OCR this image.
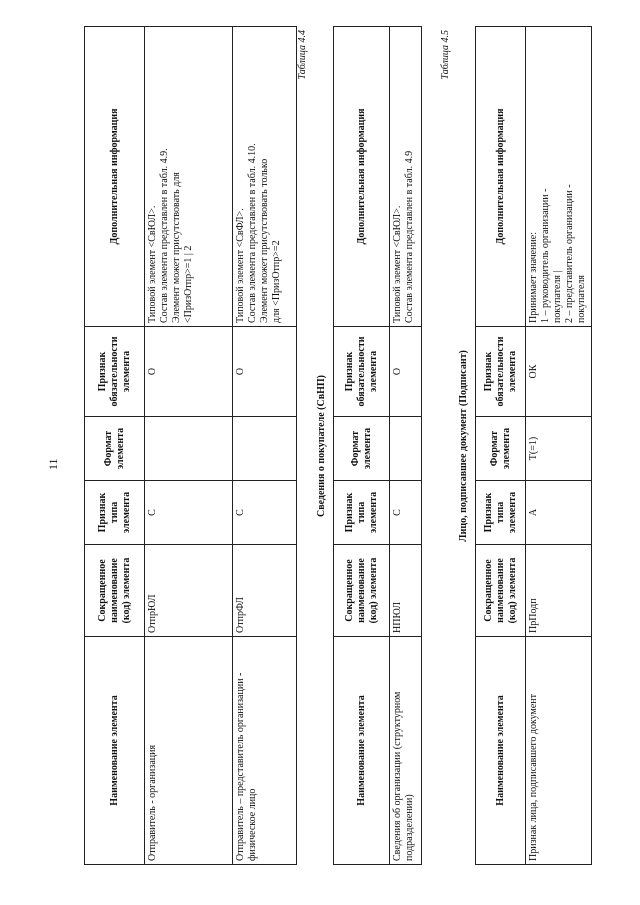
11
Наименование элемента	Сокращенное наименование (код) элемента	Признак типа элемента	Формат элемента	Признак обязательности элемента	Дополнительная информация
Отправитель - организация	ОтпрЮЛ	С		О	Типовой элемент <СвЮЛ>. Состав элемента представлен в табл. 4.9. Элемент может присутствовать для <ПризОтпр>=1 | 2

Отправитель – представитель организации - физическое лицо	ОтпрФЛ	С		О	Типовой элемент <СвФЛ>. Состав элемента представлен в табл. 4.10. Элемент может присутствовать только для <ПризОтпр>=2
Таблица 4.4
Сведения о покупателе (СвНП)
Наименование элемента	Сокращенное наименование (код) элемента	Признак типа элемента	Формат элемента	Признак обязательности элемента	Дополнительная информация
Сведения об организации (структурном подразделении)	НПЮЛ	С		О	Типовой элемент <СвЮЛ>. Состав элемента представлен в табл. 4.9
Таблица 4.5
Лицо, подписавшее документ (Подписант)
Наименование элемента	Сокращенное наименование (код) элемента	Признак типа элемента	Формат элемента	Признак обязательности элемента	Дополнительная информация
Признак лица, подписавшего документ	ПрПодп	А	Т(=1)	ОК	Принимает значение: 1 – руководитель организации - покупателя | 2 – представитель организации - покупателя
